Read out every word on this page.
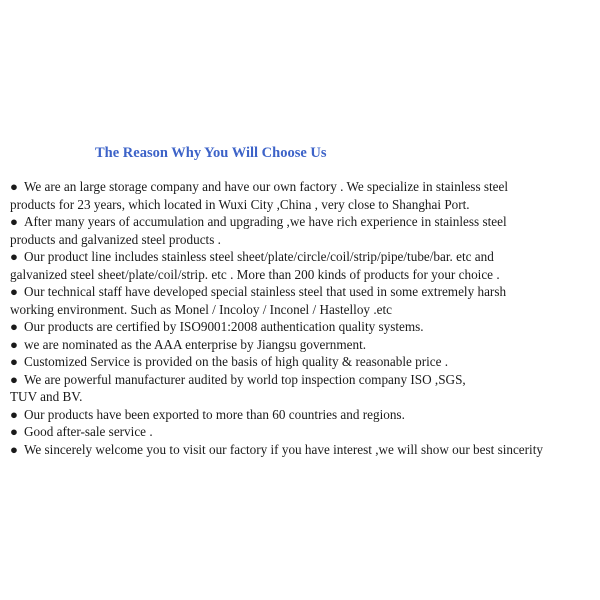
The Reason Why You Will Choose Us
● We are an large storage company and have our own factory . We specialize in stainless steel
products for 23 years, which located in Wuxi City ,China , very close to Shanghai Port.
● After many years of accumulation and upgrading ,we have rich experience in stainless steel
products and galvanized steel products .
● Our product line includes stainless steel sheet/plate/circle/coil/strip/pipe/tube/bar. etc and
galvanized steel sheet/plate/coil/strip. etc . More than 200 kinds of products for your choice .
● Our technical staff have developed special stainless steel that used in some extremely harsh
working environment. Such as Monel / Incoloy / Inconel / Hastelloy .etc
● Our products are certified by ISO9001:2008 authentication quality systems.
● we are nominated as the AAA enterprise by Jiangsu government.
● Customized Service is provided on the basis of high quality & reasonable price .
● We are powerful manufacturer audited by world top inspection company ISO ,SGS,
TUV and BV.
● Our products have been exported to more than 60 countries and regions.
● Good after-sale service .
● We sincerely welcome you to visit our factory if you have interest ,we will show our best sincerity
